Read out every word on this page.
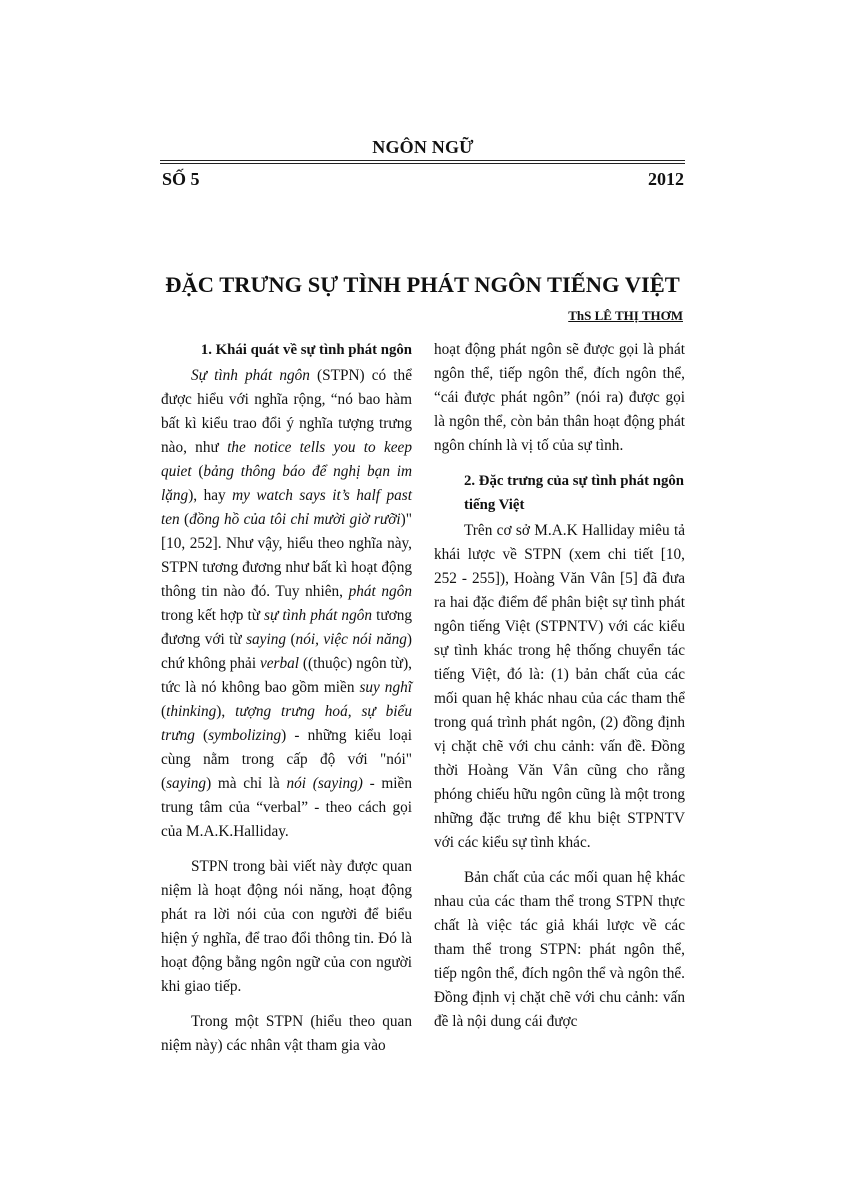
NGÔN NGỮ
SỐ 5	2012
ĐẶC TRƯNG SỰ TÌNH PHÁT NGÔN TIẾNG VIỆT
ThS LÊ THỊ THƠM
1. Khái quát về sự tình phát ngôn

Sự tình phát ngôn (STPN) có thể được hiểu với nghĩa rộng, “nó bao hàm bất kì kiểu trao đổi ý nghĩa tượng trưng nào, như the notice tells you to keep quiet (bảng thông báo để nghị bạn im lặng), hay my watch says it’s half past ten (đồng hồ của tôi chỉ mười giờ rưỡi)" [10, 252]. Như vậy, hiểu theo nghĩa này, STPN tương đương như bất kì hoạt động thông tin nào đó. Tuy nhiên, phát ngôn trong kết hợp từ sự tình phát ngôn tương đương với từ saying (nói, việc nói năng) chứ không phải verbal ((thuộc) ngôn từ), tức là nó không bao gồm miền suy nghĩ (thinking), tượng trưng hoá, sự biểu trưng (symbolizing) - những kiểu loại cùng nằm trong cấp độ với "nói" (saying) mà chỉ là nói (saying) - miền trung tâm của “verbal” - theo cách gọi của M.A.K.Halliday.

STPN trong bài viết này được quan niệm là hoạt động nói năng, hoạt động phát ra lời nói của con người để biểu hiện ý nghĩa, để trao đổi thông tin. Đó là hoạt động bằng ngôn ngữ của con người khi giao tiếp.

Trong một STPN (hiểu theo quan niệm này) các nhân vật tham gia vào

hoạt động phát ngôn sẽ được gọi là phát ngôn thể, tiếp ngôn thể, đích ngôn thể, “cái được phát ngôn” (nói ra) được gọi là ngôn thể, còn bản thân hoạt động phát ngôn chính là vị tố của sự tình.

2. Đặc trưng của sự tình phát ngôn tiếng Việt

Trên cơ sở M.A.K Halliday miêu tả khái lược về STPN (xem chi tiết [10, 252 - 255]), Hoàng Văn Vân [5] đã đưa ra hai đặc điểm để phân biệt sự tình phát ngôn tiếng Việt (STPNTV) với các kiểu sự tình khác trong hệ thống chuyển tác tiếng Việt, đó là: (1) bản chất của các mối quan hệ khác nhau của các tham thể trong quá trình phát ngôn, (2) đồng định vị chặt chẽ với chu cảnh: vấn đề. Đồng thời Hoàng Văn Vân cũng cho rằng phóng chiếu hữu ngôn cũng là một trong những đặc trưng để khu biệt STPNTV với các kiểu sự tình khác.

Bản chất của các mối quan hệ khác nhau của các tham thể trong STPN thực chất là việc tác giả khái lược về các tham thể trong STPN: phát ngôn thể, tiếp ngôn thể, đích ngôn thể và ngôn thể. Đồng định vị chặt chẽ với chu cảnh: vấn đề là nội dung cái được
